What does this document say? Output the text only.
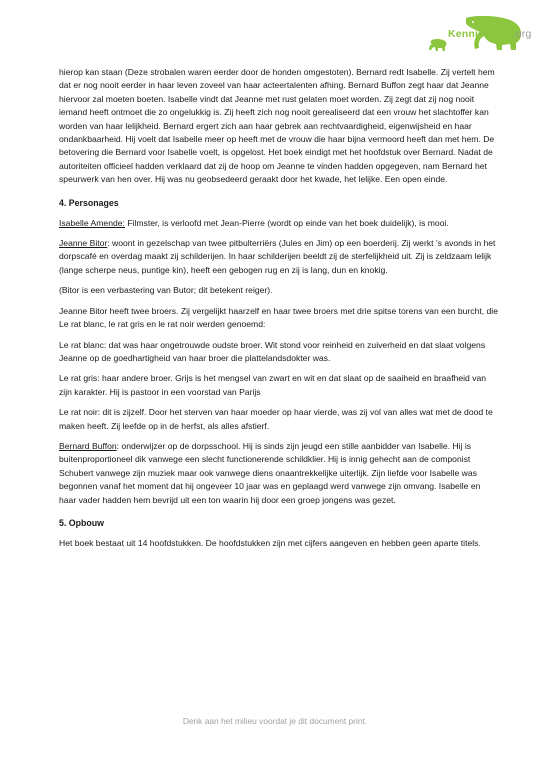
Kennisdelen.org

hierop kan staan (Deze strobalen waren eerder door de honden omgestoten). Bernard redt Isabelle. Zij vertelt hem dat er nog nooit eerder in haar leven zoveel van haar acteertalenten afhing. Bernard Buffon zegt haar dat Jeanne hiervoor zal moeten boeten. Isabelle vindt dat Jeanne met rust gelaten moet worden. Zij zegt dat zij nog nooit iemand heeft ontmoet die zo ongelukkig is. Zij heeft zich nog nooit gerealiseerd dat een vrouw het slachtoffer kan worden van haar lelijkheid. Bernard ergert zich aan haar gebrek aan rechtvaardigheid, eigenwijsheid en haar ondankbaarheid. Hij voelt dat Isabelle meer op heeft met de vrouw die haar bijna vermoord heeft dan met hem. De betovering die Bernard voor Isabelle voelt, is opgelost. Het boek eindigt met het hoofdstuk over Bernard. Nadat de autoriteiten officieel hadden verklaard dat zij de hoop om Jeanne te vinden hadden opgegeven, nam Bernard het speurwerk van hen over. Hij was nu geobsedeerd geraakt door het kwade, het lelijke. Een open einde.

4. Personages

Isabelle Amende: Filmster, is verloofd met Jean-Pierre (wordt op einde van het boek duidelijk), is mooi.

Jeanne Bitor: woont in gezelschap van twee pitbulterriërs (Jules en Jim) op een boerderij. Zij werkt ’s avonds in het dorpscafé en overdag maakt zij schilderijen. In haar schilderijen beeldt zij de sterfelijkheid uit. Zij is zeldzaam lelijk (lange scherpe neus, puntige kin), heeft een gebogen rug en zij is lang, dun en knokig.

(Bitor is een verbastering van Butor; dit betekent reiger).

Jeanne Bitor heeft twee broers. Zij vergelijkt haarzelf en haar twee broers met drie spitse torens van een burcht, die Le rat blanc, le rat gris en le rat noir werden genoemd:

Le rat blanc: dat was haar ongetrouwde oudste broer. Wit stond voor reinheid en zuiverheid en dat slaat volgens Jeanne op de goedhartigheid van haar broer die plattelandsdokter was.

Le rat gris: haar andere broer. Grijs is het mengsel van zwart en wit en dat slaat op de saaiheid en braafheid van zijn karakter. Hij is pastoor in een voorstad van Parijs

Le rat noir: dit is zijzelf. Door het sterven van haar moeder op haar vierde, was zij vol van alles wat met de dood te maken heeft. Zij leefde op in de herfst, als alles afstierf.

Bernard Buffon: onderwijzer op de dorpsschool. Hij is sinds zijn jeugd een stille aanbidder van Isabelle. Hij is buitenproportioneel dik vanwege een slecht functionerende schildklier. Hij is innig gehecht aan de componist Schubert vanwege zijn muziek maar ook vanwege diens onaantrekkelijke uiterlijk. Zijn liefde voor Isabelle was begonnen vanaf het moment dat hij ongeveer 10 jaar was en geplaagd werd vanwege zijn omvang. Isabelle en haar vader hadden hem bevrijd uit een ton waarin hij door een groep jongens was gezet.

5. Opbouw

Het boek bestaat uit 14 hoofdstukken. De hoofdstukken zijn met cijfers aangeven en hebben geen aparte titels.

Denk aan het milieu voordat je dit document print.
